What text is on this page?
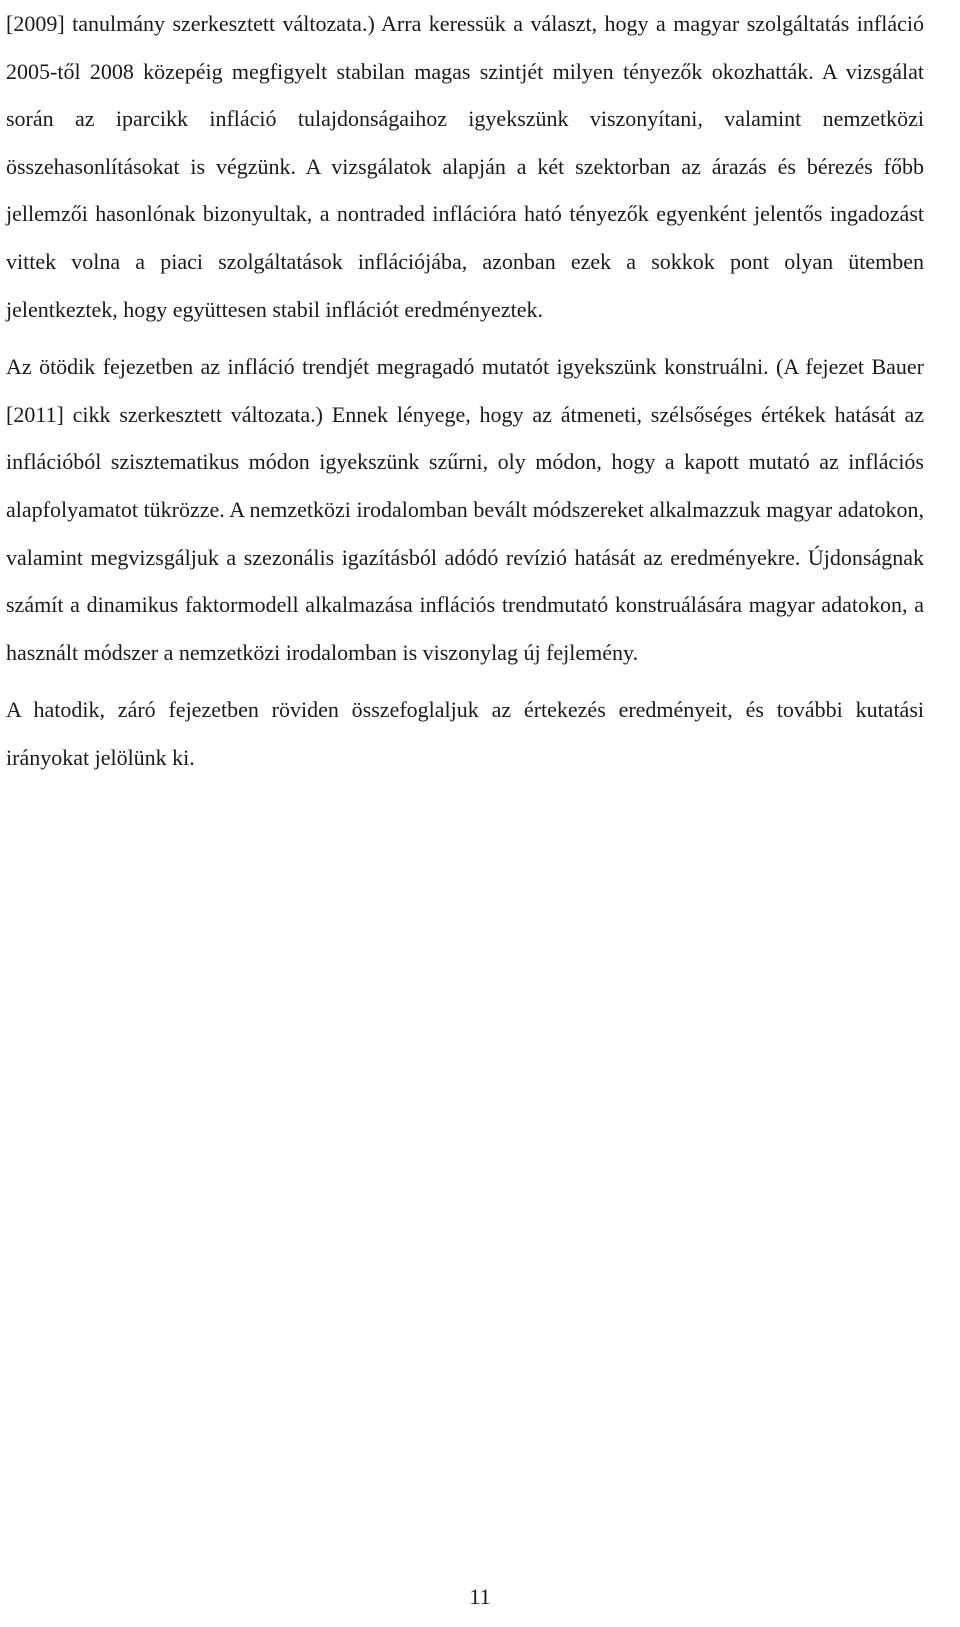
[2009] tanulmány szerkesztett változata.) Arra keressük a választ, hogy a magyar szolgáltatás infláció 2005-től 2008 közepéig megfigyelt stabilan magas szintjét milyen tényezők okozhatták. A vizsgálat során az iparcikk infláció tulajdonságaihoz igyekszünk viszonyítani, valamint nemzetközi összehasonlításokat is végzünk. A vizsgálatok alapján a két szektorban az árazás és bérezés főbb jellemzői hasonlónak bizonyultak, a nontraded inflációra ható tényezők egyenként jelentős ingadozást vittek volna a piaci szolgáltatások inflációjába, azonban ezek a sokkok pont olyan ütemben jelentkeztek, hogy együttesen stabil inflációt eredményeztek.

Az ötödik fejezetben az infláció trendjét megragadó mutatót igyekszünk konstruálni. (A fejezet Bauer [2011] cikk szerkesztett változata.) Ennek lényege, hogy az átmeneti, szélsőséges értékek hatását az inflációból szisztematikus módon igyekszünk szűrni, oly módon, hogy a kapott mutató az inflációs alapfolyamatot tükrözze. A nemzetközi irodalomban bevált módszereket alkalmazzuk magyar adatokon, valamint megvizsgáljuk a szezonális igazításból adódó revízió hatását az eredményekre. Újdonságnak számít a dinamikus faktormodell alkalmazása inflációs trendmutató konstruálására magyar adatokon, a használt módszer a nemzetközi irodalomban is viszonylag új fejlemény.

A hatodik, záró fejezetben röviden összefoglaljuk az értekezés eredményeit, és további kutatási irányokat jelölünk ki.

11
